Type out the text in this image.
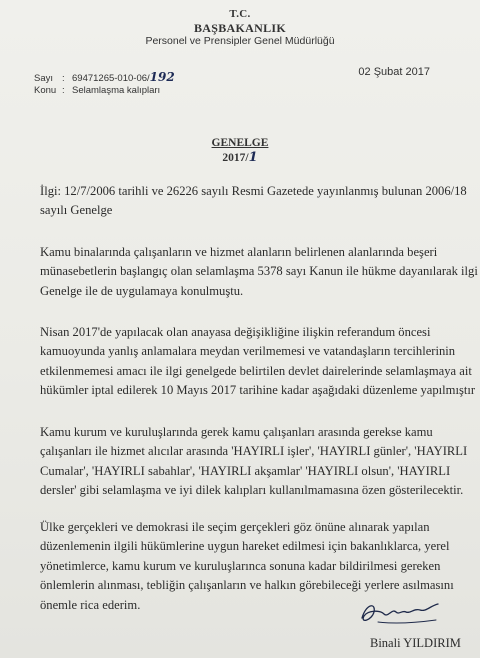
T.C.
BAŞBAKANLIK
Personel ve Prensipler Genel Müdürlüğü
Sayı : 69471265-010-06/192
Konu : Selamlaşma kalıpları
02 Şubat 2017
GENELGE
2017/1
İlgi: 12/7/2006 tarihli ve 26226 sayılı Resmi Gazetede yayınlanmış bulunan 2006/18
sayılı Genelge
Kamu binalarında çalışanların ve hizmet alanların belirlenen alanlarında beşeri
münasebetlerin başlangıç olan selamlaşma 5378 sayı Kanun ile hükme dayanılarak ilgi
Genelge ile de uygulamaya konulmuştu.
Nisan 2017'de yapılacak olan anayasa değişikliğine ilişkin referandum öncesi
kamuoyunda yanlış anlamalara meydan verilmemesi ve vatandaşların tercihlerinin
etkilenmemesi amacı ile ilgi genelgede belirtilen devlet dairelerinde selamlaşmaya ait
hükümler iptal edilerek 10 Mayıs 2017 tarihine kadar aşağıdaki düzenleme yapılmıştır
Kamu kurum ve kuruluşlarında gerek kamu çalışanları arasında gerekse kamu
çalışanları ile hizmet alıcılar arasında 'HAYIRLI işler', 'HAYIRLI günler', 'HAYIRLI
Cumalar', 'HAYIRLI sabahlar', 'HAYIRLI akşamlar' 'HAYIRLI olsun', 'HAYIRLI
dersler' gibi selamlaşma ve iyi dilek kalıpları kullanılmamasına özen gösterilecektir.
Ülke gerçekleri ve demokrasi ile seçim gerçekleri göz önüne alınarak yapılan
düzenlemenin ilgili hükümlerine uygun hareket edilmesi için bakanlıklarca, yerel
yönetimlerce, kamu kurum ve kuruluşlarınca sonuna kadar bildirilmesi gereken
önlemlerin alınması, tebliğin çalışanların ve halkın görebileceği yerlere asılmasını
önemle rica ederim.
Binali YILDIRIM
